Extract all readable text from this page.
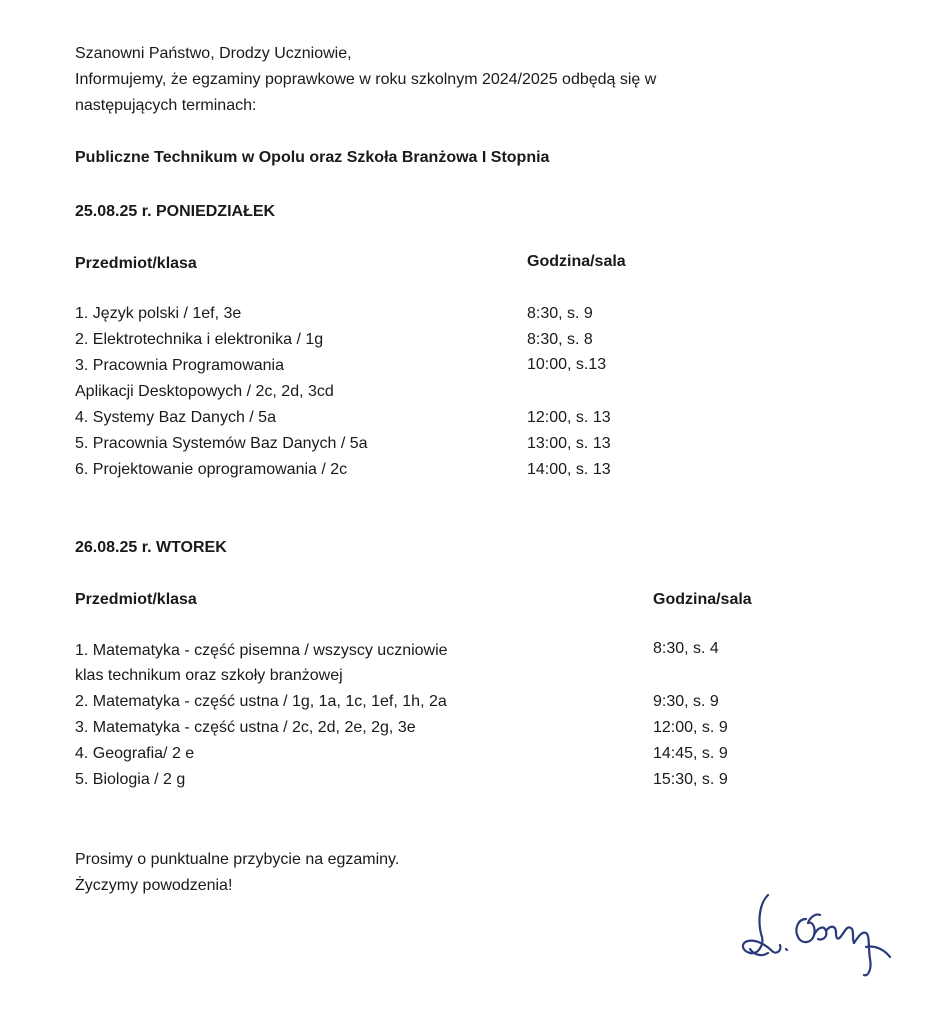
Szanowni Państwo, Drodzy Uczniowie,
Informujemy, że egzaminy poprawkowe w roku szkolnym 2024/2025 odbędą się w
następujących terminach:
Publiczne Technikum w Opolu oraz Szkoła Branżowa I Stopnia
25.08.25 r. PONIEDZIAŁEK
Przedmiot/klasa	Godzina/sala
1. Język polski / 1ef, 3e	8:30, s. 9
2. Elektrotechnika i elektronika / 1g	8:30, s. 8
3. Pracownia Programowania	10:00, s.13
Aplikacji Desktopowych / 2c, 2d, 3cd
4. Systemy Baz Danych / 5a	12:00, s. 13
5. Pracownia Systemów Baz Danych / 5a	13:00, s. 13
6. Projektowanie oprogramowania / 2c	14:00, s. 13
26.08.25 r. WTOREK
Przedmiot/klasa	Godzina/sala
1. Matematyka - część pisemna / wszyscy uczniowie	8:30, s. 4
klas technikum oraz szkoły branżowej
2. Matematyka - część ustna / 1g, 1a, 1c, 1ef, 1h, 2a	9:30, s. 9
3. Matematyka - część ustna / 2c, 2d, 2e, 2g, 3e	12:00, s. 9
4. Geografia/ 2 e	14:45, s. 9
5. Biologia / 2 g	15:30, s. 9
Prosimy o punktualne przybycie na egzaminy.
Życzymy powodzenia!
